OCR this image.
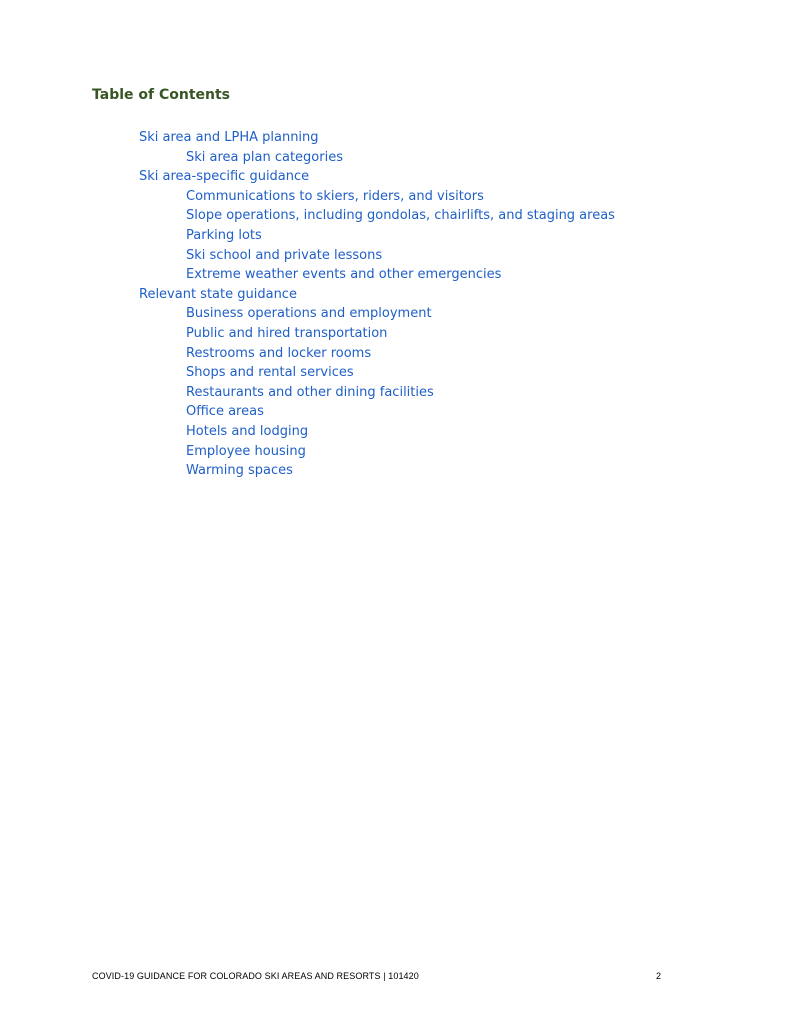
Table of Contents
Ski area and LPHA planning
Ski area plan categories
Ski area-specific guidance
Communications to skiers, riders, and visitors
Slope operations, including gondolas, chairlifts, and staging areas
Parking lots
Ski school and private lessons
Extreme weather events and other emergencies
Relevant state guidance
Business operations and employment
Public and hired transportation
Restrooms and locker rooms
Shops and rental services
Restaurants and other dining facilities
Office areas
Hotels and lodging
Employee housing
Warming spaces
COVID-19 GUIDANCE FOR COLORADO SKI AREAS AND RESORTS | 101420	2
